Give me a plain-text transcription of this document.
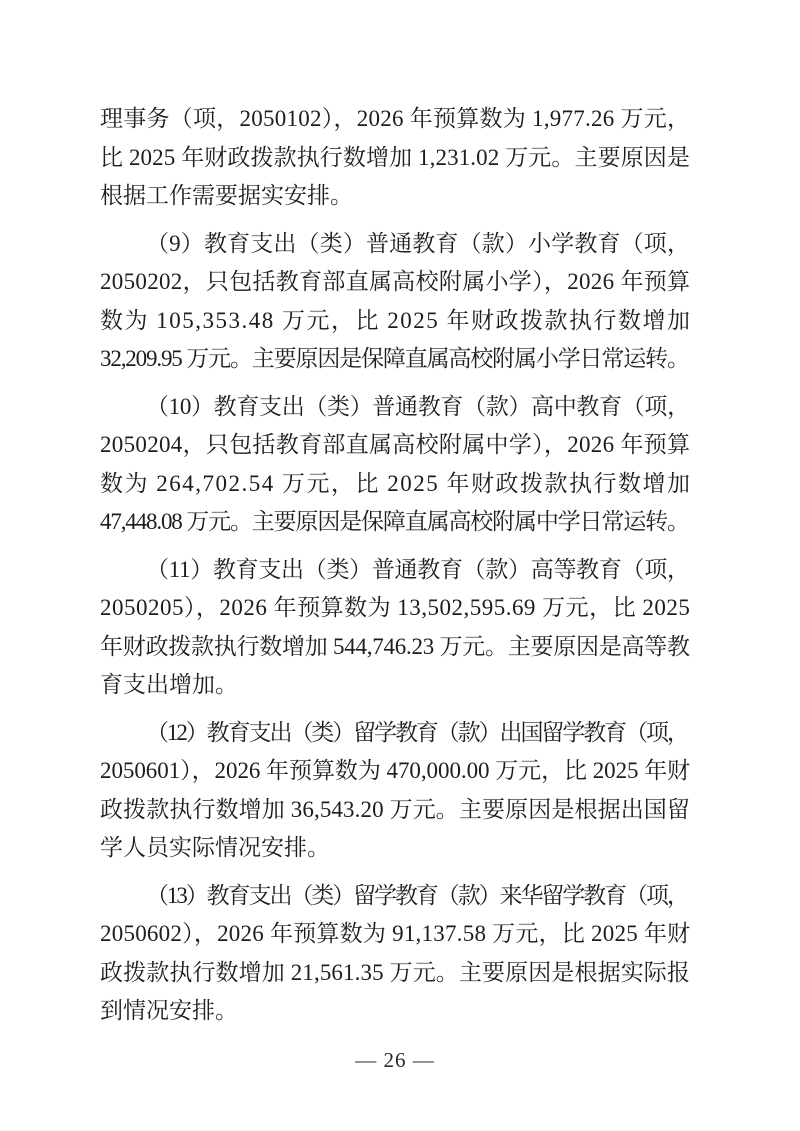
理事务（项，2050102），2026 年预算数为 1,977.26 万元，
比 2025 年财政拨款执行数增加 1,231.02 万元。主要原因是
根据工作需要据实安排。
（9）教育支出（类）普通教育（款）小学教育（项，
2050202，只包括教育部直属高校附属小学），2026 年预算
数为 105,353.48 万元，比 2025 年财政拨款执行数增加
32,209.95 万元。主要原因是保障直属高校附属小学日常运转。
（10）教育支出（类）普通教育（款）高中教育（项，
2050204，只包括教育部直属高校附属中学），2026 年预算
数为 264,702.54 万元，比 2025 年财政拨款执行数增加
47,448.08 万元。主要原因是保障直属高校附属中学日常运转。
（11）教育支出（类）普通教育（款）高等教育（项，
2050205），2026 年预算数为 13,502,595.69 万元，比 2025
年财政拨款执行数增加 544,746.23 万元。主要原因是高等教
育支出增加。
（12）教育支出（类）留学教育（款）出国留学教育（项，
2050601），2026 年预算数为 470,000.00 万元，比 2025 年财
政拨款执行数增加 36,543.20 万元。主要原因是根据出国留
学人员实际情况安排。
（13）教育支出（类）留学教育（款）来华留学教育（项，
2050602），2026 年预算数为 91,137.58 万元，比 2025 年财
政拨款执行数增加 21,561.35 万元。主要原因是根据实际报
到情况安排。
— 26 —
